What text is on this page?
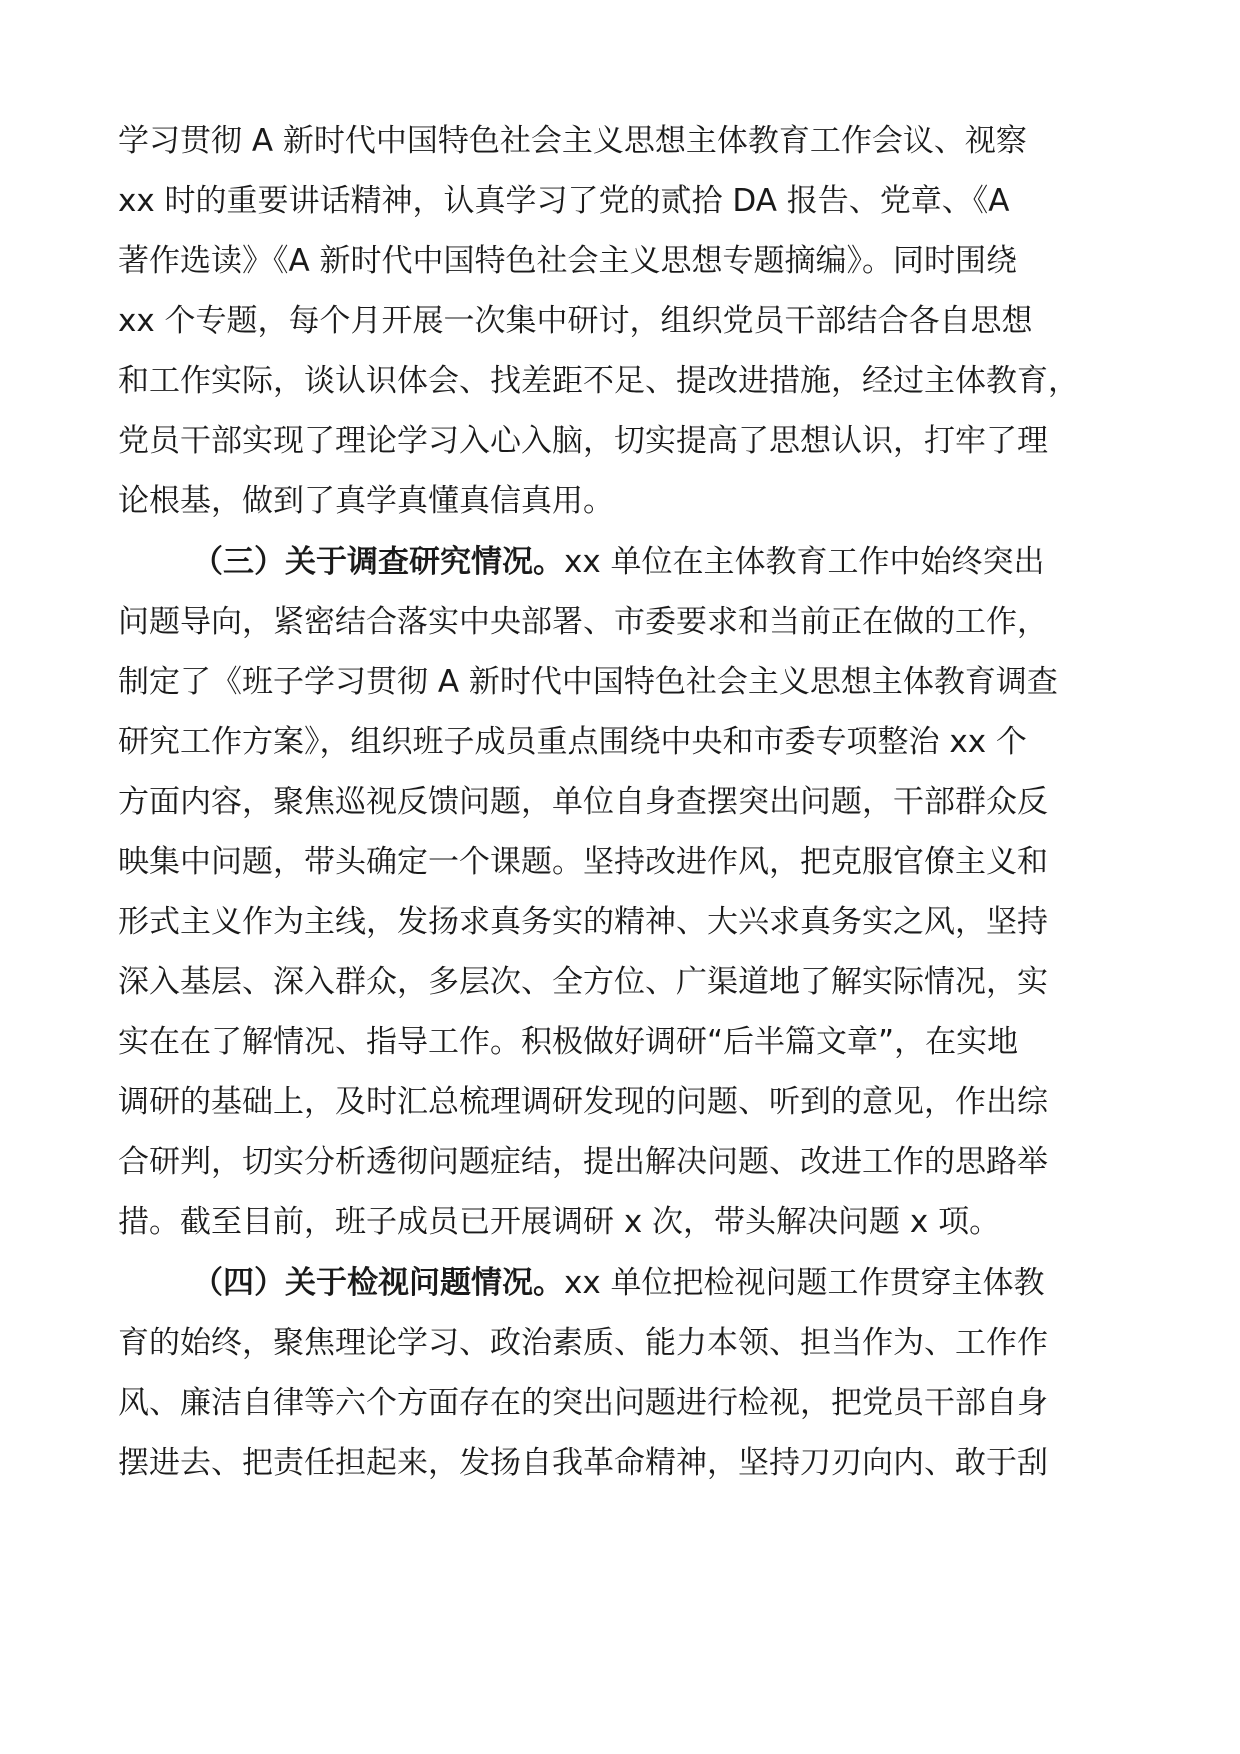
学习贯彻 A 新时代中国特色社会主义思想主体教育工作会议、视察
xx 时的重要讲话精神，认真学习了党的贰拾 DA 报告、党章、《A
著作选读》《A 新时代中国特色社会主义思想专题摘编》。同时围绕
xx 个专题，每个月开展一次集中研讨，组织党员干部结合各自思想
和工作实际，谈认识体会、找差距不足、提改进措施，经过主体教育，
党员干部实现了理论学习入心入脑，切实提高了思想认识，打牢了理
论根基，做到了真学真懂真信真用。
（三）关于调查研究情况。xx 单位在主体教育工作中始终突出
问题导向，紧密结合落实中央部署、市委要求和当前正在做的工作，
制定了《班子学习贯彻 A 新时代中国特色社会主义思想主体教育调查
研究工作方案》，组织班子成员重点围绕中央和市委专项整治 xx 个
方面内容，聚焦巡视反馈问题，单位自身查摆突出问题，干部群众反
映集中问题，带头确定一个课题。坚持改进作风，把克服官僚主义和
形式主义作为主线，发扬求真务实的精神、大兴求真务实之风，坚持
深入基层、深入群众，多层次、全方位、广渠道地了解实际情况，实
实在在了解情况、指导工作。积极做好调研“后半篇文章”，在实地
调研的基础上，及时汇总梳理调研发现的问题、听到的意见，作出综
合研判，切实分析透彻问题症结，提出解决问题、改进工作的思路举
措。截至目前，班子成员已开展调研 x 次，带头解决问题 x 项。
（四）关于检视问题情况。xx 单位把检视问题工作贯穿主体教
育的始终，聚焦理论学习、政治素质、能力本领、担当作为、工作作
风、廉洁自律等六个方面存在的突出问题进行检视，把党员干部自身
摆进去、把责任担起来，发扬自我革命精神，坚持刀刃向内、敢于刮
